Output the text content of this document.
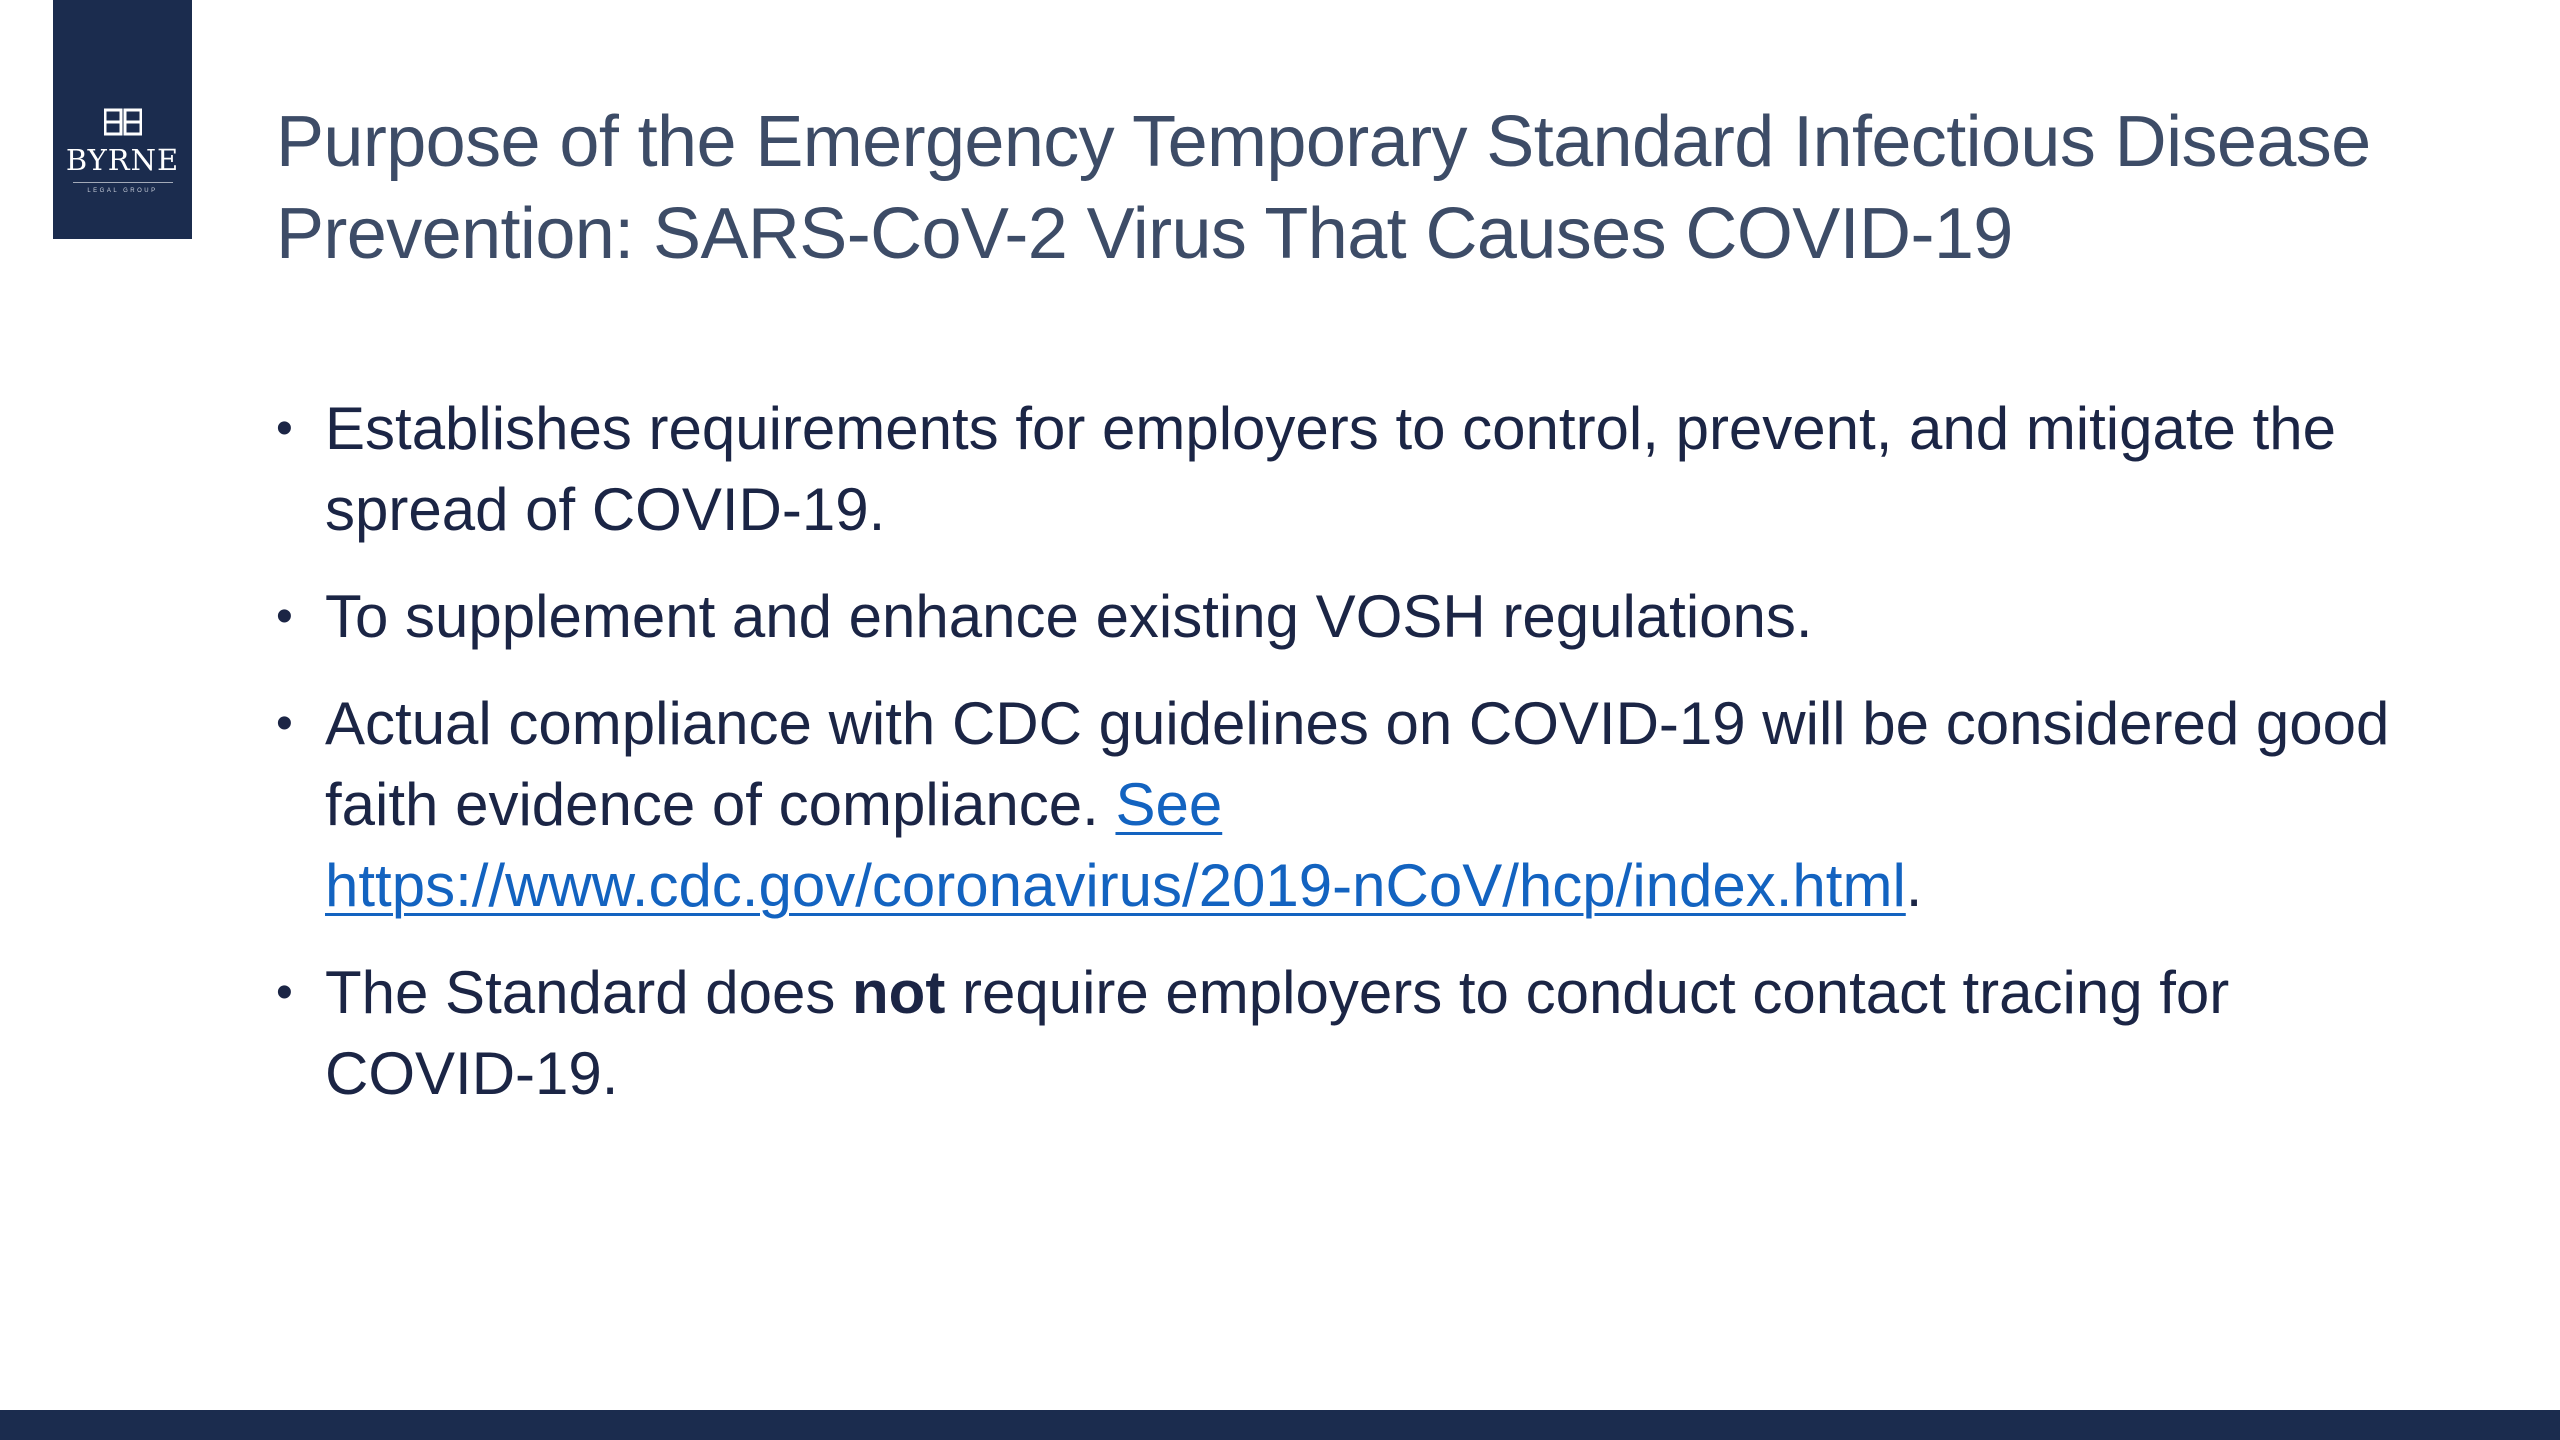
BYRNE
LEGAL GROUP
Purpose of the Emergency Temporary Standard Infectious Disease Prevention: SARS-CoV-2 Virus That Causes COVID-19
• Establishes requirements for employers to control, prevent, and mitigate the spread of COVID-19.
• To supplement and enhance existing VOSH regulations.
• Actual compliance with CDC guidelines on COVID-19 will be considered good faith evidence of compliance. See
https://www.cdc.gov/coronavirus/2019-nCoV/hcp/index.html.
• The Standard does not require employers to conduct contact tracing for COVID-19.
